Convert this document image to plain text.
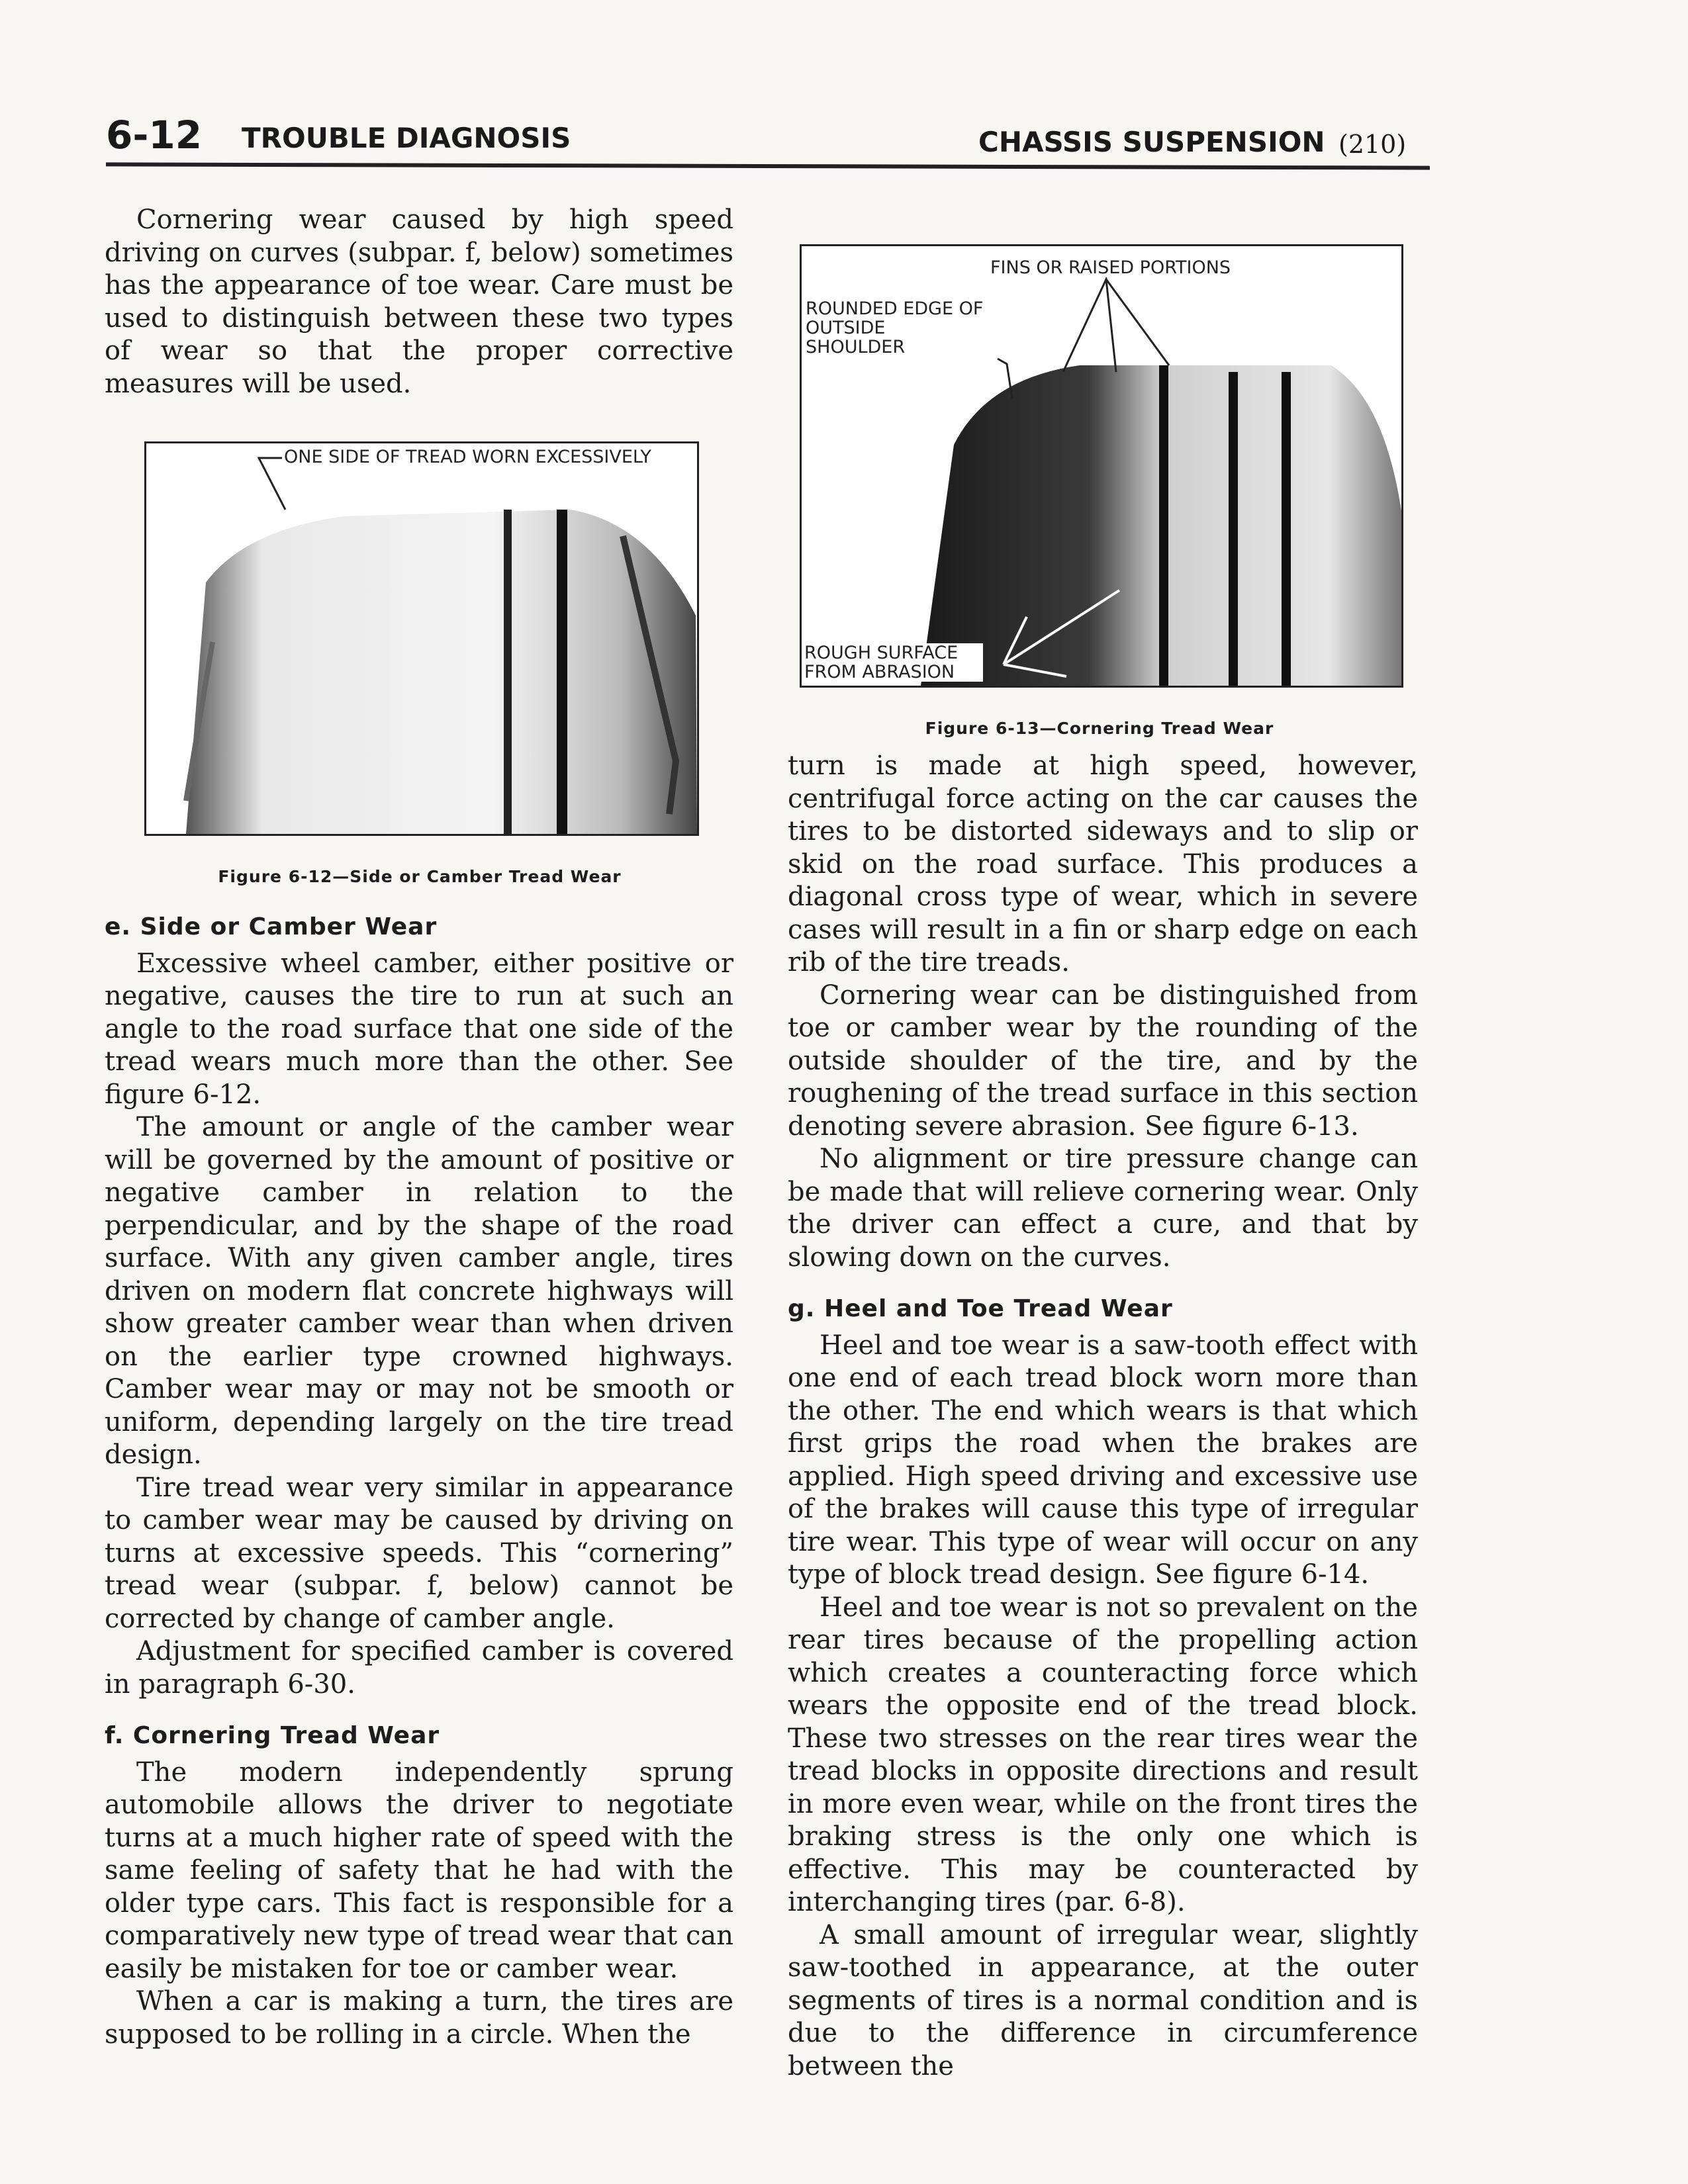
6-12 TROUBLE DIAGNOSIS	CHASSIS SUSPENSION (210)

Cornering wear caused by high speed driving on curves (subpar. f, below) sometimes has the appearance of toe wear. Care must be used to distinguish between these two types of wear so that the proper corrective measures will be used.

ONE SIDE OF TREAD WORN EXCESSIVELY
Figure 6-12—Side or Camber Tread Wear
e. Side or Camber Wear

Excessive wheel camber, either positive or negative, causes the tire to run at such an angle to the road surface that one side of the tread wears much more than the other. See figure 6-12.

The amount or angle of the camber wear will be governed by the amount of positive or negative camber in relation to the perpendicular, and by the shape of the road surface. With any given camber angle, tires driven on modern flat concrete highways will show greater camber wear than when driven on the earlier type crowned highways. Camber wear may or may not be smooth or uniform, depending largely on the tire tread design.

Tire tread wear very similar in appearance to camber wear may be caused by driving on turns at excessive speeds. This “cornering” tread wear (subpar. f, below) cannot be corrected by change of camber angle.

Adjustment for specified camber is covered in paragraph 6-30.

f. Cornering Tread Wear

The modern independently sprung automobile allows the driver to negotiate turns at a much higher rate of speed with the same feeling of safety that he had with the older type cars. This fact is responsible for a comparatively new type of tread wear that can easily be mistaken for toe or camber wear.

When a car is making a turn, the tires are supposed to be rolling in a circle. When the

FINS OR RAISED PORTIONS
ROUNDED EDGE OF OUTSIDE SHOULDER
ROUGH SURFACE FROM ABRASION
Figure 6-13—Cornering Tread Wear

turn is made at high speed, however, centrifugal force acting on the car causes the tires to be distorted sideways and to slip or skid on the road surface. This produces a diagonal cross type of wear, which in severe cases will result in a fin or sharp edge on each rib of the tire treads.

Cornering wear can be distinguished from toe or camber wear by the rounding of the outside shoulder of the tire, and by the roughening of the tread surface in this section denoting severe abrasion. See figure 6-13.

No alignment or tire pressure change can be made that will relieve cornering wear. Only the driver can effect a cure, and that by slowing down on the curves.

g. Heel and Toe Tread Wear

Heel and toe wear is a saw-tooth effect with one end of each tread block worn more than the other. The end which wears is that which first grips the road when the brakes are applied. High speed driving and excessive use of the brakes will cause this type of irregular tire wear. This type of wear will occur on any type of block tread design. See figure 6-14.

Heel and toe wear is not so prevalent on the rear tires because of the propelling action which creates a counteracting force which wears the opposite end of the tread block. These two stresses on the rear tires wear the tread blocks in opposite directions and result in more even wear, while on the front tires the braking stress is the only one which is effective. This may be counteracted by interchanging tires (par. 6-8).

A small amount of irregular wear, slightly saw-toothed in appearance, at the outer segments of tires is a normal condition and is due to the difference in circumference between the
